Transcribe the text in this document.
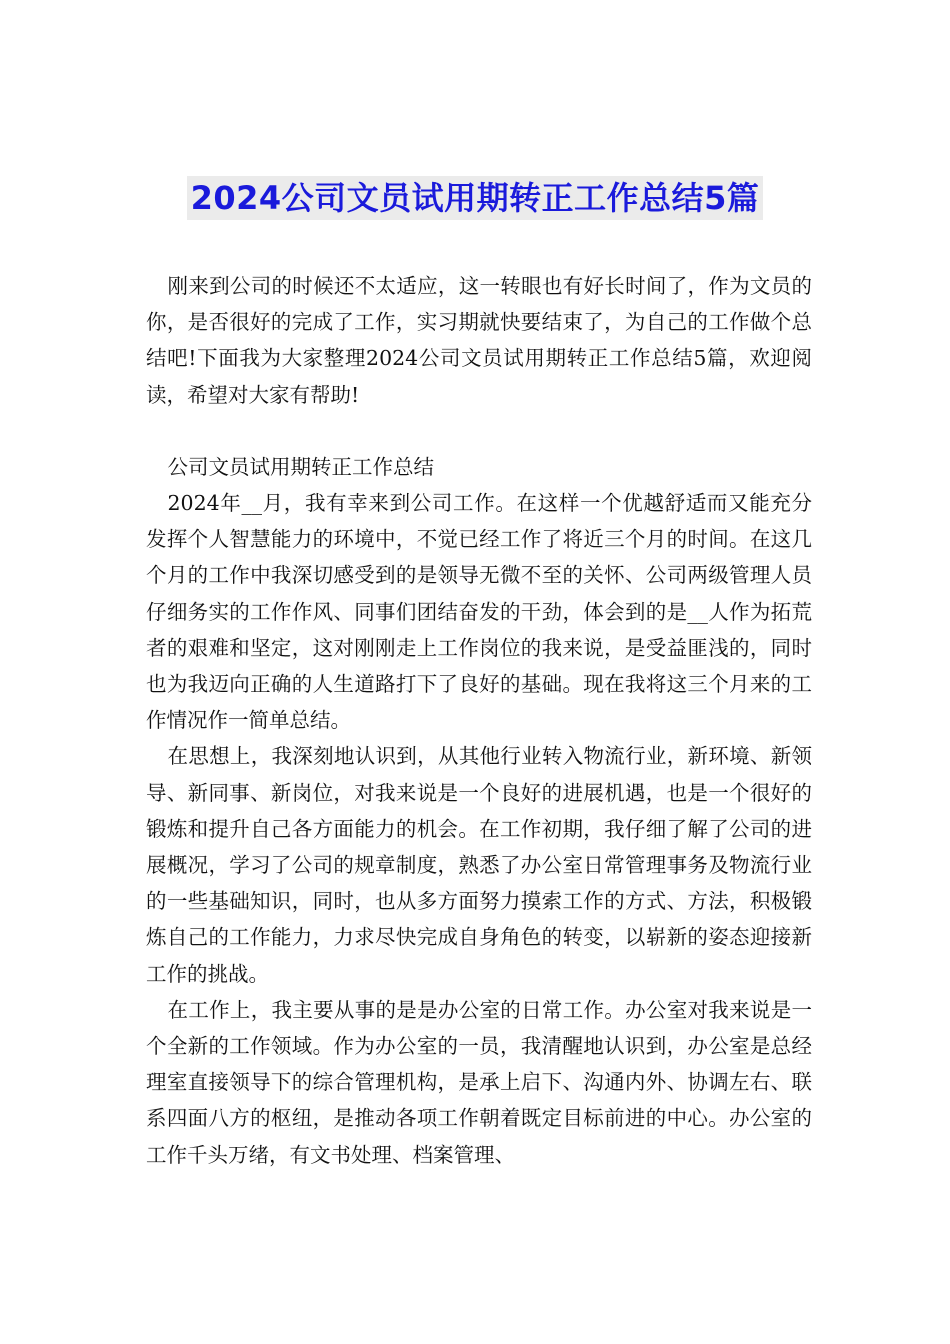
2024公司文员试用期转正工作总结5篇

刚来到公司的时候还不太适应，这一转眼也有好长时间了，作为文员的你，是否很好的完成了工作，实习期就快要结束了，为自己的工作做个总结吧!下面我为大家整理2024公司文员试用期转正工作总结5篇，欢迎阅读，希望对大家有帮助!

公司文员试用期转正工作总结

2024年__月，我有幸来到公司工作。在这样一个优越舒适而又能充分发挥个人智慧能力的环境中，不觉已经工作了将近三个月的时间。在这几个月的工作中我深切感受到的是领导无微不至的关怀、公司两级管理人员仔细务实的工作作风、同事们团结奋发的干劲，体会到的是__人作为拓荒者的艰难和坚定，这对刚刚走上工作岗位的我来说，是受益匪浅的，同时也为我迈向正确的人生道路打下了良好的基础。现在我将这三个月来的工作情况作一简单总结。

在思想上，我深刻地认识到，从其他行业转入物流行业，新环境、新领导、新同事、新岗位，对我来说是一个良好的进展机遇，也是一个很好的锻炼和提升自己各方面能力的机会。在工作初期，我仔细了解了公司的进展概况，学习了公司的规章制度，熟悉了办公室日常管理事务及物流行业的一些基础知识，同时，也从多方面努力摸索工作的方式、方法，积极锻炼自己的工作能力，力求尽快完成自身角色的转变，以崭新的姿态迎接新工作的挑战。

在工作上，我主要从事的是是办公室的日常工作。办公室对我来说是一个全新的工作领域。作为办公室的一员，我清醒地认识到，办公室是总经理室直接领导下的综合管理机构，是承上启下、沟通内外、协调左右、联系四面八方的枢纽，是推动各项工作朝着既定目标前进的中心。办公室的工作千头万绪，有文书处理、档案管理、
